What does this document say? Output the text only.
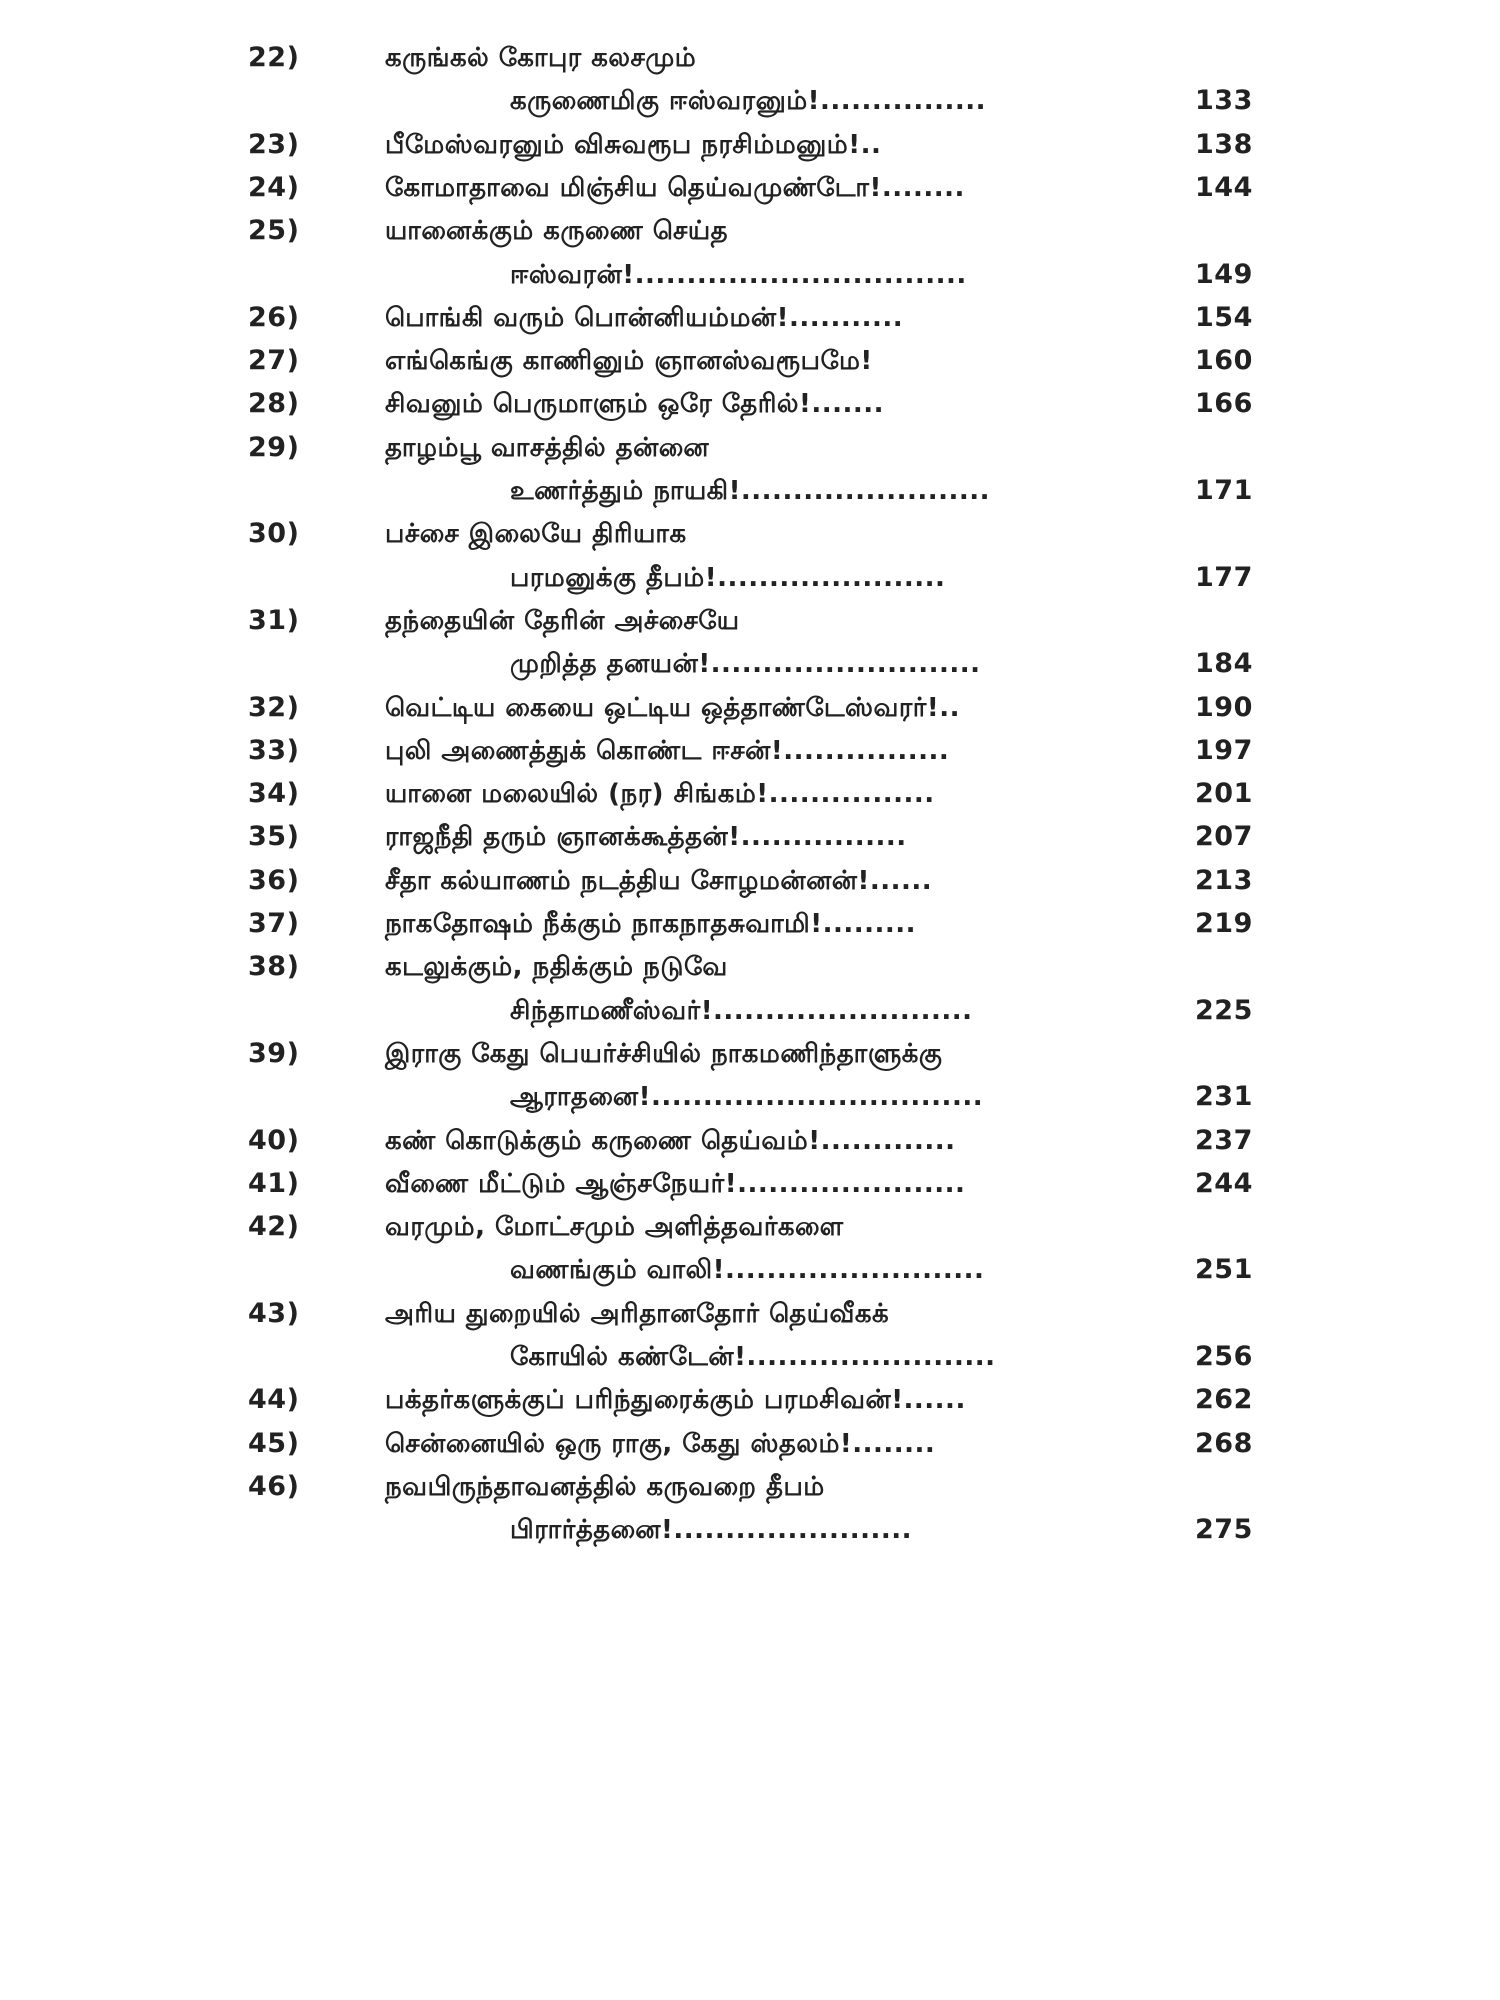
22)	கருங்கல் கோபுர கலசமும்
கருணைமிகு ஈஸ்வரனும்!................	133
23)	பீமேஸ்வரனும் விசுவரூப நரசிம்மனும்!..	138
24)	கோமாதாவை மிஞ்சிய தெய்வமுண்டோ!........	144
25)	யானைக்கும் கருணை செய்த
ஈஸ்வரன்!................................	149
26)	பொங்கி வரும் பொன்னியம்மன்!...........	154
27)	எங்கெங்கு காணினும் ஞானஸ்வரூபமே!	160
28)	சிவனும் பெருமாளும் ஒரே தேரில்!.......	166
29)	தாழம்பூ வாசத்தில் தன்னை
உணர்த்தும் நாயகி!........................	171
30)	பச்சை இலையே திரியாக
பரமனுக்கு தீபம்!......................	177
31)	தந்தையின் தேரின் அச்சையே
முறித்த தனயன்!..........................	184
32)	வெட்டிய கையை ஒட்டிய ஒத்தாண்டேஸ்வரர்!..	190
33)	புலி அணைத்துக் கொண்ட ஈசன்!................	197
34)	யானை மலையில் (நர) சிங்கம்!................	201
35)	ராஜநீதி தரும் ஞானக்கூத்தன்!................	207
36)	சீதா கல்யாணம் நடத்திய சோழமன்னன்!......	213
37)	நாகதோஷம் நீக்கும் நாகநாதசுவாமி!.........	219
38)	கடலுக்கும், நதிக்கும் நடுவே
சிந்தாமணீஸ்வர்!.........................	225
39)	இராகு கேது பெயர்ச்சியில் நாகமணிந்தாளுக்கு
ஆராதனை!................................	231
40)	கண் கொடுக்கும் கருணை தெய்வம்!.............	237
41)	வீணை மீட்டும் ஆஞ்சநேயர்!......................	244
42)	வரமும், மோட்சமும் அளித்தவர்களை
வணங்கும் வாலி!.........................	251
43)	அரிய துறையில் அரிதானதோர் தெய்வீகக்
கோயில் கண்டேன்!........................	256
44)	பக்தர்களுக்குப் பரிந்துரைக்கும் பரமசிவன்!......	262
45)	சென்னையில் ஒரு ராகு, கேது ஸ்தலம்!........	268
46)	நவபிருந்தாவனத்தில் கருவறை தீபம்
பிரார்த்தனை!.......................	275
